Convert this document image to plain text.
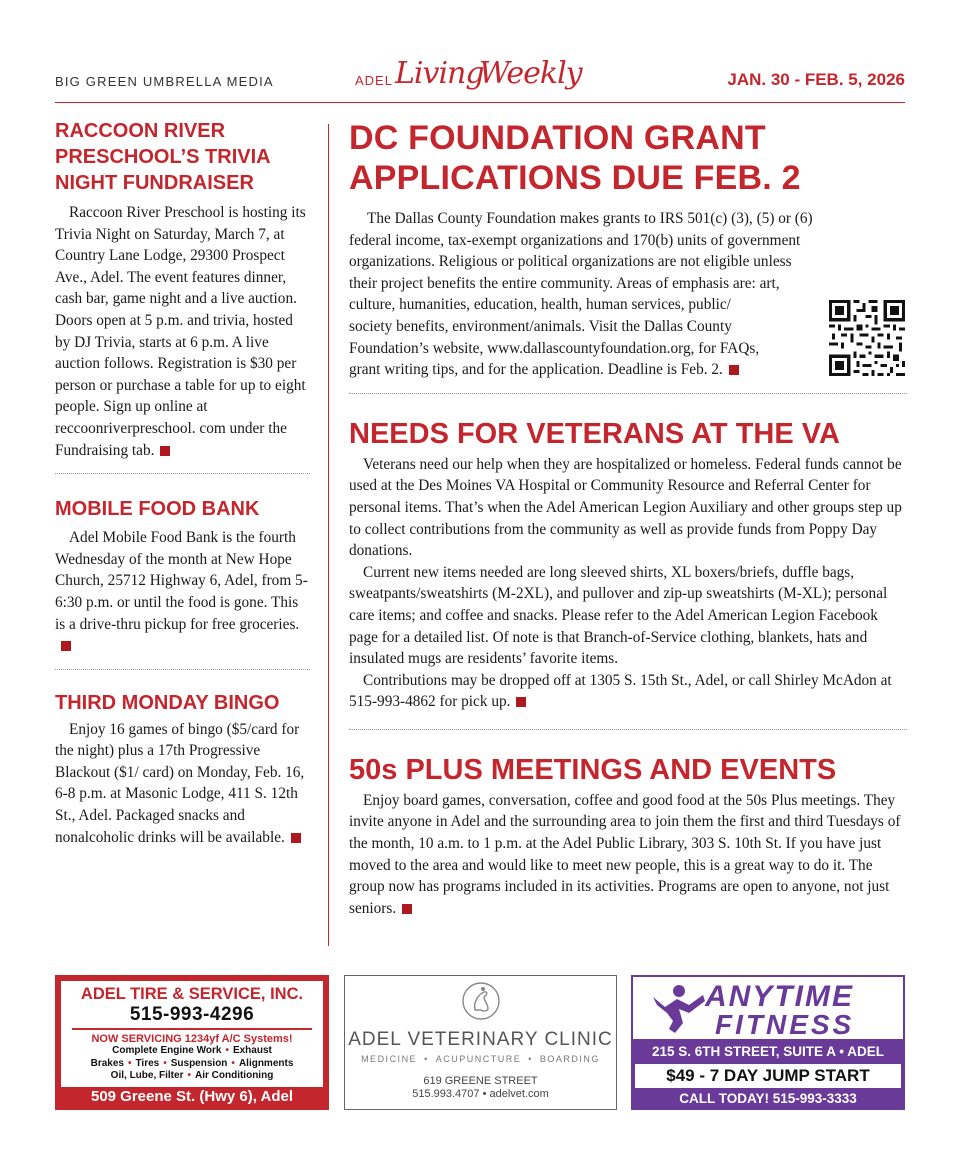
BIG GREEN UMBRELLA MEDIA	ADEL Living
Weekly	JAN. 30 - FEB. 5, 2026
RACCOON RIVER
PRESCHOOL’S TRIVIA
NIGHT FUNDRAISER

Raccoon River Preschool is hosting its Trivia Night on Saturday, March 7, at Country Lane Lodge, 29300 Prospect Ave., Adel. The event features dinner, cash bar, game night and a live auction. Doors open at 5 p.m. and trivia, hosted by DJ Trivia, starts at 6 p.m. A live auction follows. Registration is $30 per person or purchase a table for up to eight people. Sign up online at reccoonriverpreschool. com under the Fundraising tab.

MOBILE FOOD BANK

Adel Mobile Food Bank is the fourth Wednesday of the month at New Hope Church, 25712 Highway 6, Adel, from 5-6:30 p.m. or until the food is gone. This is a drive-thru pickup for free groceries.

THIRD MONDAY BINGO

Enjoy 16 games of bingo ($5/card for the night) plus a 17th Progressive Blackout ($1/ card) on Monday, Feb. 16, 6-8 p.m. at Masonic Lodge, 411 S. 12th St., Adel. Packaged snacks and nonalcoholic drinks will be available.

DC FOUNDATION GRANT
APPLICATIONS DUE FEB. 2
The Dallas County Foundation makes grants to IRS 501(c) (3), (5) or (6)
federal income, tax-exempt organizations and 170(b) units of government
organizations. Religious or political organizations are not eligible unless
their project benefits the entire community. Areas of emphasis are: art,
culture, humanities, education, health, human services, public/
society benefits, environment/animals. Visit the Dallas County
Foundation’s website, www.dallascountyfoundation.org, for FAQs,
grant writing tips, and for the application. Deadline is Feb. 2.
NEEDS FOR VETERANS AT THE VA

Veterans need our help when they are hospitalized or homeless. Federal funds cannot be used at the Des Moines VA Hospital or Community Resource and Referral Center for personal items. That’s when the Adel American Legion Auxiliary and other groups step up to collect contributions from the community as well as provide funds from Poppy Day donations.

Current new items needed are long sleeved shirts, XL boxers/briefs, duffle bags, sweatpants/sweatshirts (M-2XL), and pullover and zip-up sweatshirts (M-XL); personal care items; and coffee and snacks. Please refer to the Adel American Legion Facebook page for a detailed list. Of note is that Branch-of-Service clothing, blankets, hats and insulated mugs are residents’ favorite items.

Contributions may be dropped off at 1305 S. 15th St., Adel, or call Shirley McAdon at 515-993-4862 for pick up.

50s PLUS MEETINGS AND EVENTS

Enjoy board games, conversation, coffee and good food at the 50s Plus meetings. They invite anyone in Adel and the surrounding area to join them the first and third Tuesdays of the month, 10 a.m. to 1 p.m. at the Adel Public Library, 303 S. 10th St. If you have just moved to the area and would like to meet new people, this is a great way to do it. The group now has programs included in its activities. Programs are open to anyone, not just seniors.

ADEL TIRE & SERVICE, INC.
515-993-4296
NOW SERVICING 1234yf A/C Systems!
Complete Engine Work • Exhaust
Brakes • Tires • Suspension • Alignments
Oil, Lube, Filter • Air Conditioning
509 Greene St. (Hwy 6), Adel
ADEL VETERINARY CLINIC
MEDICINE • ACUPUNCTURE • BOARDING
619 GREENE STREET
515.993.4707 • adelvet.com
ANYTIME
FITNESS
215 S. 6TH STREET, SUITE A • ADEL
$49 - 7 DAY JUMP START
CALL TODAY! 515-993-3333
